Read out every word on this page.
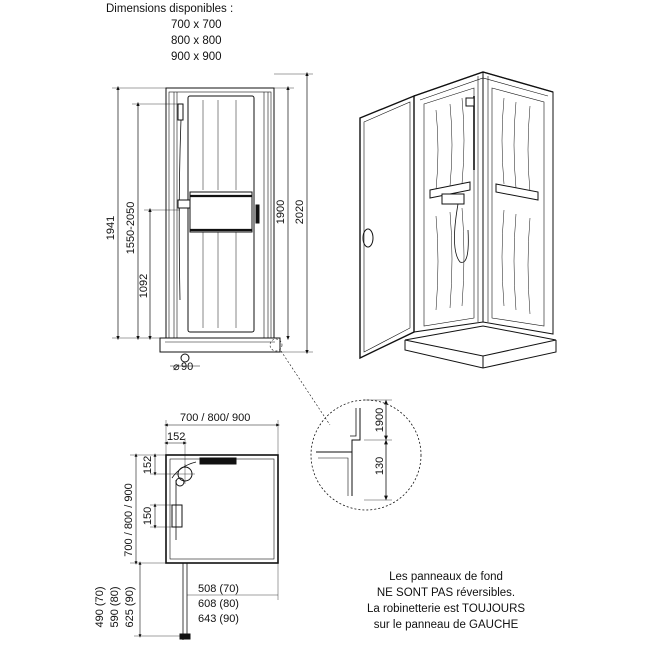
Dimensions disponibles :
700 x 700
800 x 800
900 x 900
1941 1550-2050
1092
1900 2020
⌀ 90
1900
130
700 / 800/ 900
152
700 / 800 / 900
152
150
508 (70)
608 (80)
643 (90)
490 (70) 590 (80) 625 (90)
Les panneaux de fond
NE SONT PAS réversibles.
La robinetterie est TOUJOURS
sur le panneau de GAUCHE
